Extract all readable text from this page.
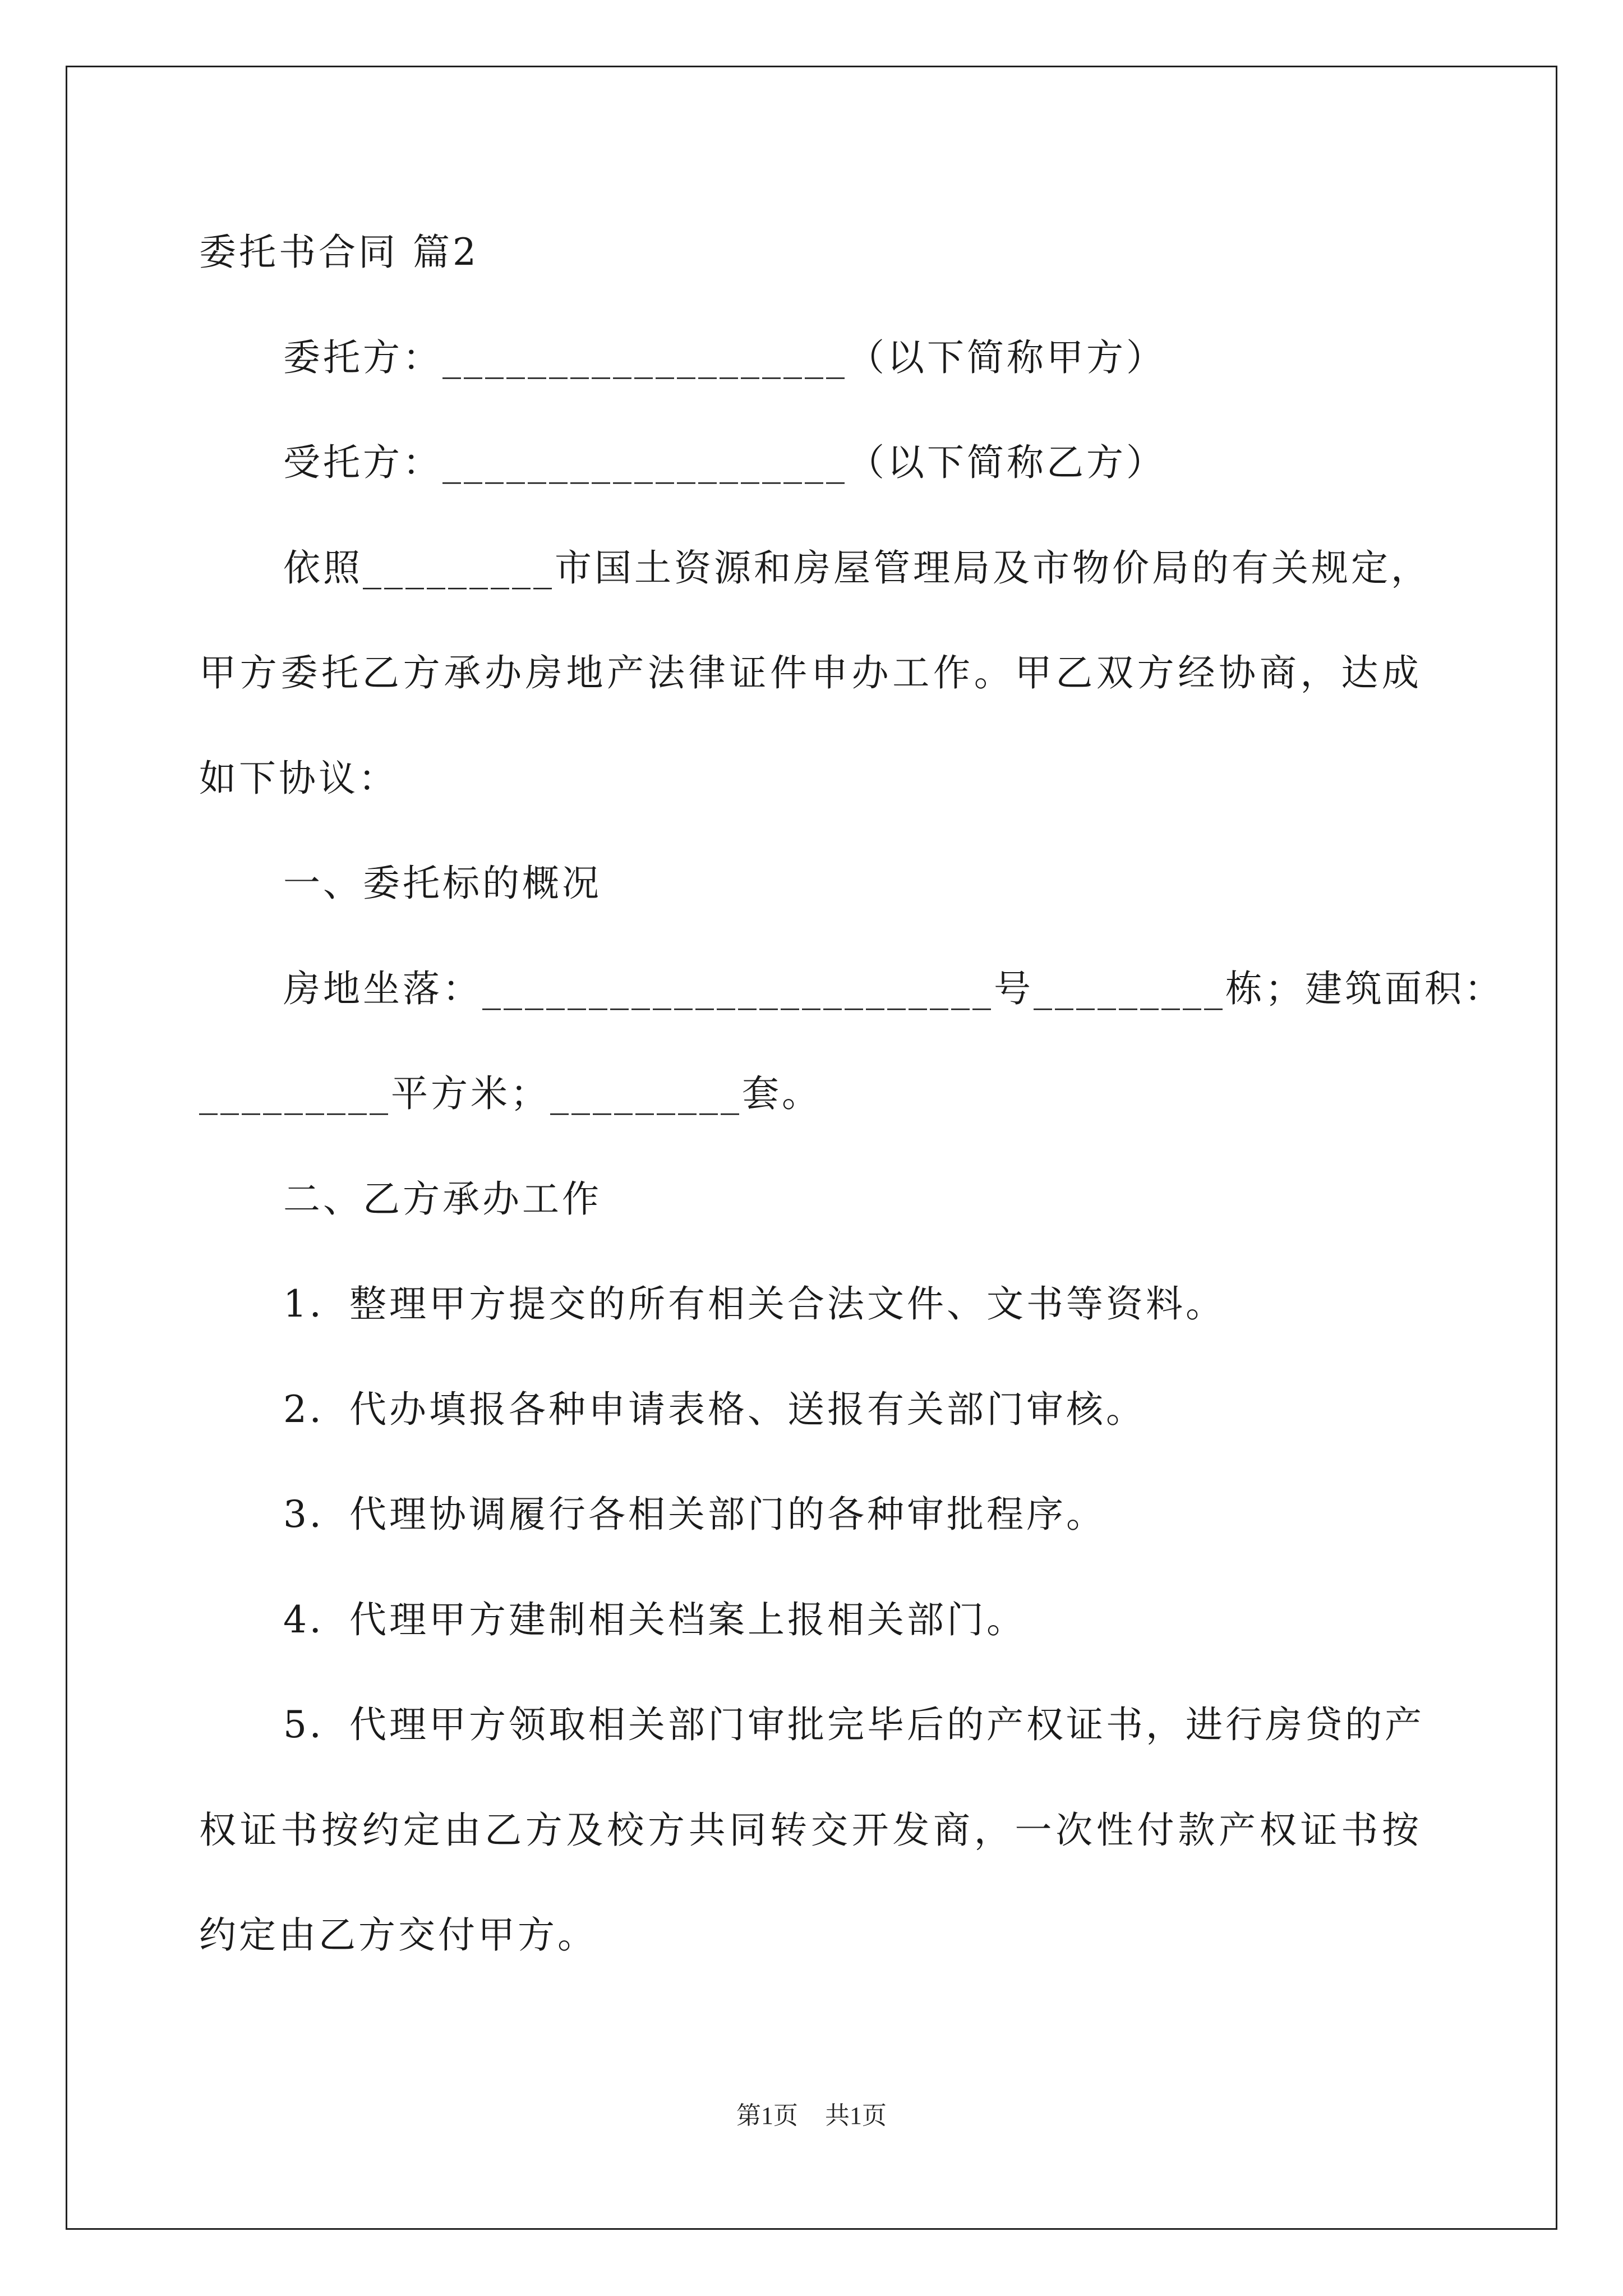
委托书合同 篇2
委托方：___________________（以下简称甲方）
受托方：___________________（以下简称乙方）
依照_________市国土资源和房屋管理局及市物价局的有关规定，
甲方委托乙方承办房地产法律证件申办工作。甲乙双方经协商，达成
如下协议：
一、委托标的概况
房地坐落：________________________号_________栋；建筑面积：
_________平方米；_________套。
二、乙方承办工作
1．整理甲方提交的所有相关合法文件、文书等资料。
2．代办填报各种申请表格、送报有关部门审核。
3．代理协调履行各相关部门的各种审批程序。
4．代理甲方建制相关档案上报相关部门。
5．代理甲方领取相关部门审批完毕后的产权证书，进行房贷的产
权证书按约定由乙方及校方共同转交开发商，一次性付款产权证书按
约定由乙方交付甲方。
第1页 共1页
